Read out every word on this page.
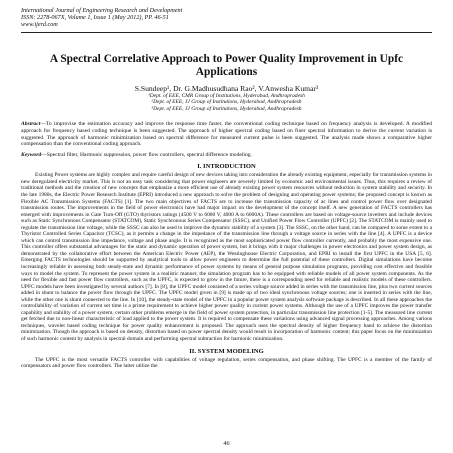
International Journal of Engineering Research and Development
ISSN: 2278-067X, Volume 1, Issue 1 (May 2012), PP. 46-51
www.ijerd.com
A Spectral Correlative Approach to Power Quality Improvement in Upfc Applications
S.Sundeep¹, Dr. G.Madhusudhana Rao², V.Anwesha Kumar³
¹Dept. of EEE, CMR Group of Institutions, Hyderabad, Andhrapradesh
²Dept. of EEE, JJ Group of Institutions, Hyderabad, Andhrapradesh
³Dept. of EEE, JJ Group of Institutions, Hyderabad, Andhrapradesh
Abstract—To improvise the estimation accuracy and improve the response time faster, the conventional coding technique based on frequency analysis is developed. A modified approach for frequency based coding technique is been suggested. The approach of higher spectral coding based on finer spectral information to derive the current variation is suggested. The approach of harmonic minimization based on spectral difference for measured current pulse is been suggested. The analysis made shows a comparative higher compensation than the conventional coding approach.
Keyword—Spectral filter, Harmonic suppression, power flow controllers, spectral difference modeling.
I. INTRODUCTION
Existing Power systems are highly complex and require careful design of new devices taking into consideration the already existing equipment, especially for transmission systems in new deregulated electricity market. This is not an easy task considering that power engineers are severely limited by economic and environmental issues. Thus, this requires a review of traditional methods and the creation of new concepts that emphasize a more efficient use of already existing power system resources without reduction in system stability and security. In the late 1980s, the Electric Power Research Institute (EPRI) introduced a new approach to solve the problem of designing and operating power systems; the proposed concept is known as Flexible AC Transmission Systems (FACTS) [1]. The two main objectives of FACTS are to increase the transmission capacity of ac lines and control power flow over designated transmission routes. The improvements in the field of power electronics have had major impact on the development of the concept itself. A new generation of FACTS controllers has emerged with improvements in Gate Turn-Off (GTO) thyristors ratings (4500 V to 6000 V, 4000 A to 6000A). These controllers are based on voltage-source inverters and include devices such as Static Synchronous Compensator (STATCOM), Static Synchronous Series Compensator (SSSC), and Unified Power Flow Controller (UPFC) [2]. The STATCOM is mainly used to regulate the transmission line voltage, while the SSSC can also be used to improve the dynamic stability of a system [3]. The SSSC, on the other hand, can be compared to some extent to a Thyristor Controlled Series Capacitor (TCSC), as it permits a change in the impedance of the transmission line through a voltage source in series with the line [4]. A UPFC is a device which can control transmission line impedance, voltage and phase angle. It is recognized as the most sophisticated power flow controller currently, and probably the most expensive one. This controller offers substantial advantages for the static and dynamic operation of power system, but it brings with it major challenges in power electronics and power system design, as demonstrated by the collaborative effort between the American Electric Power (AEP), the Westinghouse Electric Corporation, and EPRI to install the first UPFC in the USA [5, 6]. Emerging FACTS technologies should be supported by analytical tools to allow power engineers to determine the full potential of these controllers. Digital simulations have become increasingly reliable in assessing both steady-state and dynamic performance of power systems by means of general purpose simulation programs, providing cost effective and feasible ways to model the system. To represent the power system in a realistic manner, the simulation program has to be equipped with reliable models of all power system components. As the need for flexible and fast power flow controllers, such as the UPFC, is expected to grow in the future, there is a corresponding need for reliable and realistic models of these controllers. UPFC models have been investigated by several authors [7]. In [8], the UPFC model consisted of a series voltage source added in series with the transmission line, plus two current sources added in shunt to balance the power flow through the UPFC. The UPFC model given in [9] is made up of two ideal synchronous voltage sources; one is inserted in series with the line, while the other one is shunt connected to the line. In [10], the steady-state model of the UPFC in a popular power system analysis software package is described. In all these approaches the controllability of variation of current set time is a prime requirement to achieve higher power quality in current power systems. Although the use of a UPFC improves the power transfer capability and stability of a power system, certain other problems emerge in the field of power system protection, in particular transmission line protection [1-5]. The measured line current get fetched due to non-linear characteristic of load applied to the power system. It is required to compensate these variations using advanced signal processing approaches. Among various techniques, wavelet based coding technique for power quality enhancement is proposed. The approach uses the spectral density of higher frequency band to achieve the distortion minimization. Though the approach is based on density, distortion based on power spectral density would result in incorporation of harmonic content; this paper focus on the minimization of such harmonic content by analysis in spectral domain and performing spectral subtraction for harmonic minimization.
II. SYSTEM MODELING
The UPFC is the most versatile FACTS controller with capabilities of voltage regulation, series compensation, and phase shifting. The UPFC is a member of the family of compensators and power flow controllers. The latter utilize the
46
